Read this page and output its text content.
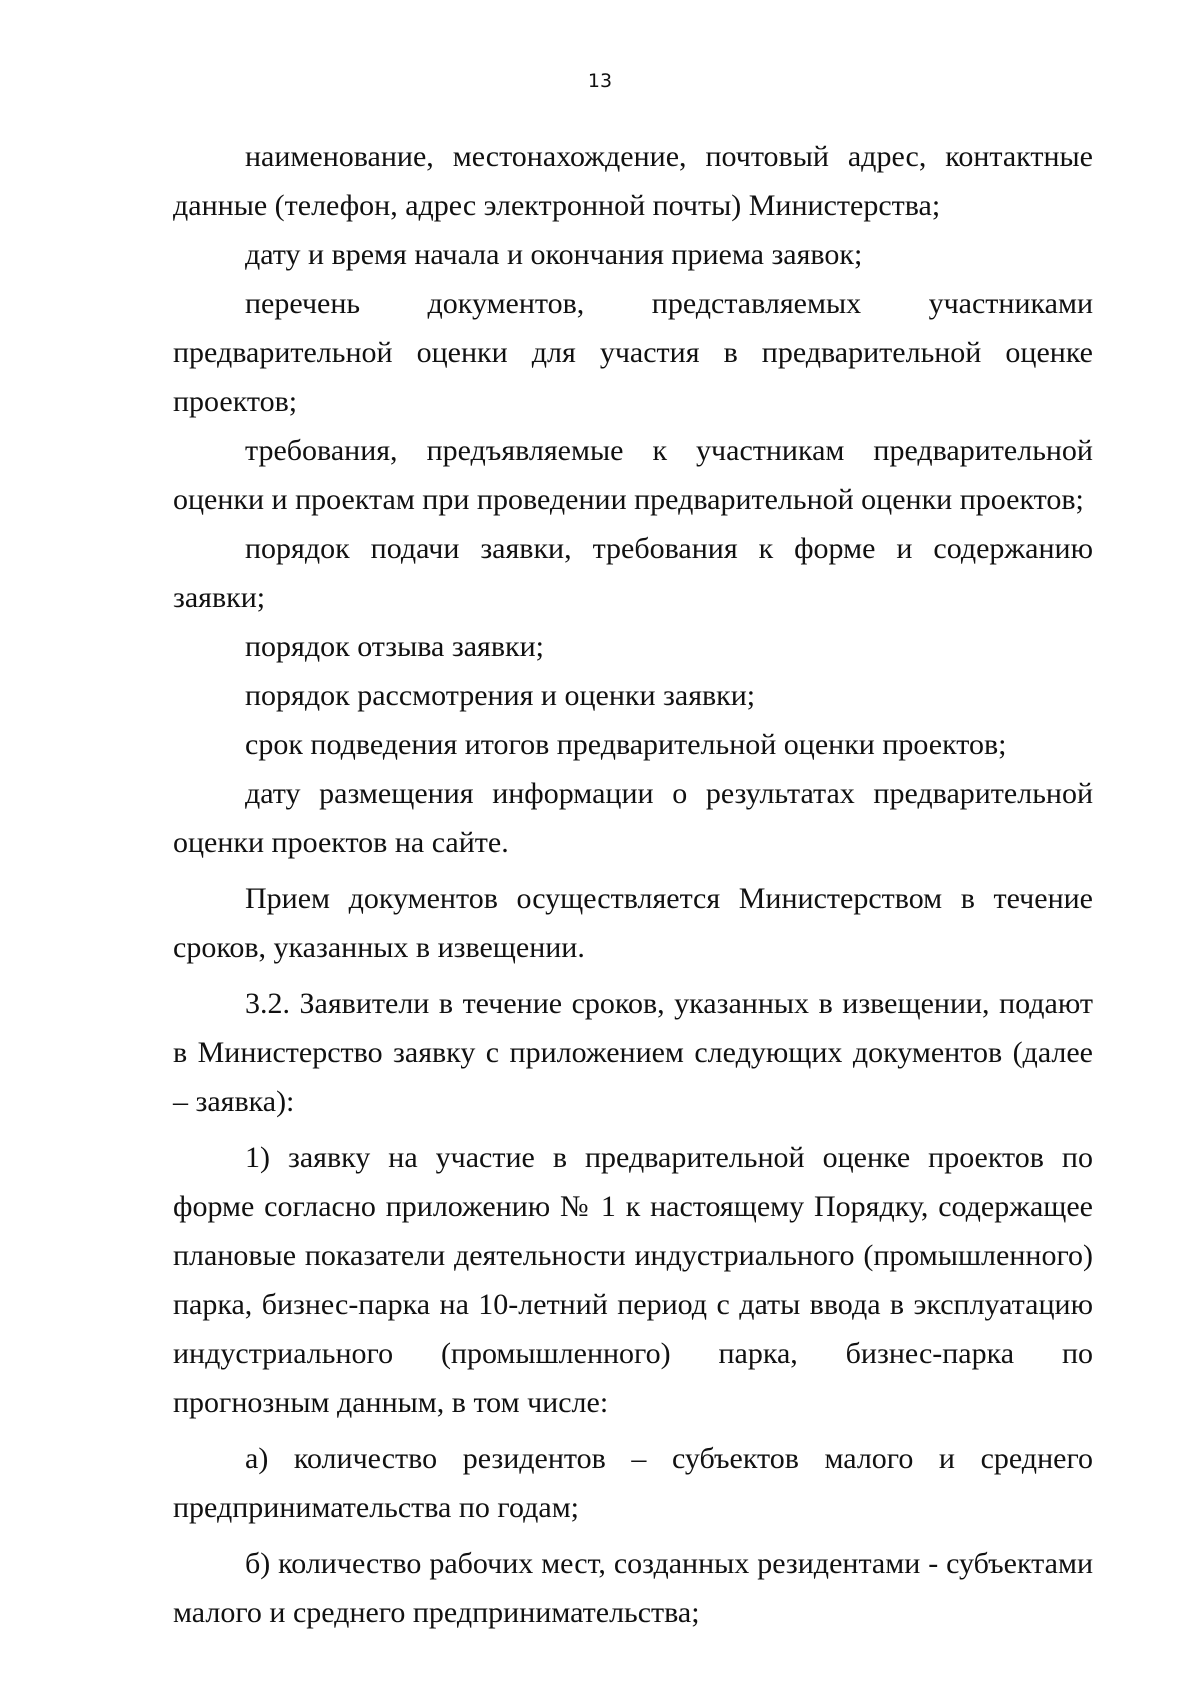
13

наименование, местонахождение, почтовый адрес, контактные данные (телефон, адрес электронной почты) Министерства;

дату и время начала и окончания приема заявок;

перечень документов, представляемых участниками предварительной оценки для участия в предварительной оценке проектов;

требования, предъявляемые к участникам предварительной оценки и проектам при проведении предварительной оценки проектов;

порядок подачи заявки, требования к форме и содержанию заявки;

порядок отзыва заявки;

порядок рассмотрения и оценки заявки;

срок подведения итогов предварительной оценки проектов;

дату размещения информации о результатах предварительной оценки проектов на сайте.

Прием документов осуществляется Министерством в течение сроков, указанных в извещении.

3.2. Заявители в течение сроков, указанных в извещении, подают в Министерство заявку с приложением следующих документов (далее – заявка):

1) заявку на участие в предварительной оценке проектов по форме согласно приложению № 1 к настоящему Порядку, содержащее плановые показатели деятельности индустриального (промышленного) парка, бизнес-парка на 10-летний период с даты ввода в эксплуатацию индустриального (промышленного) парка, бизнес-парка по прогнозным данным, в том числе:

а) количество резидентов – субъектов малого и среднего предпринимательства по годам;

б) количество рабочих мест, созданных резидентами - субъектами малого и среднего предпринимательства;
